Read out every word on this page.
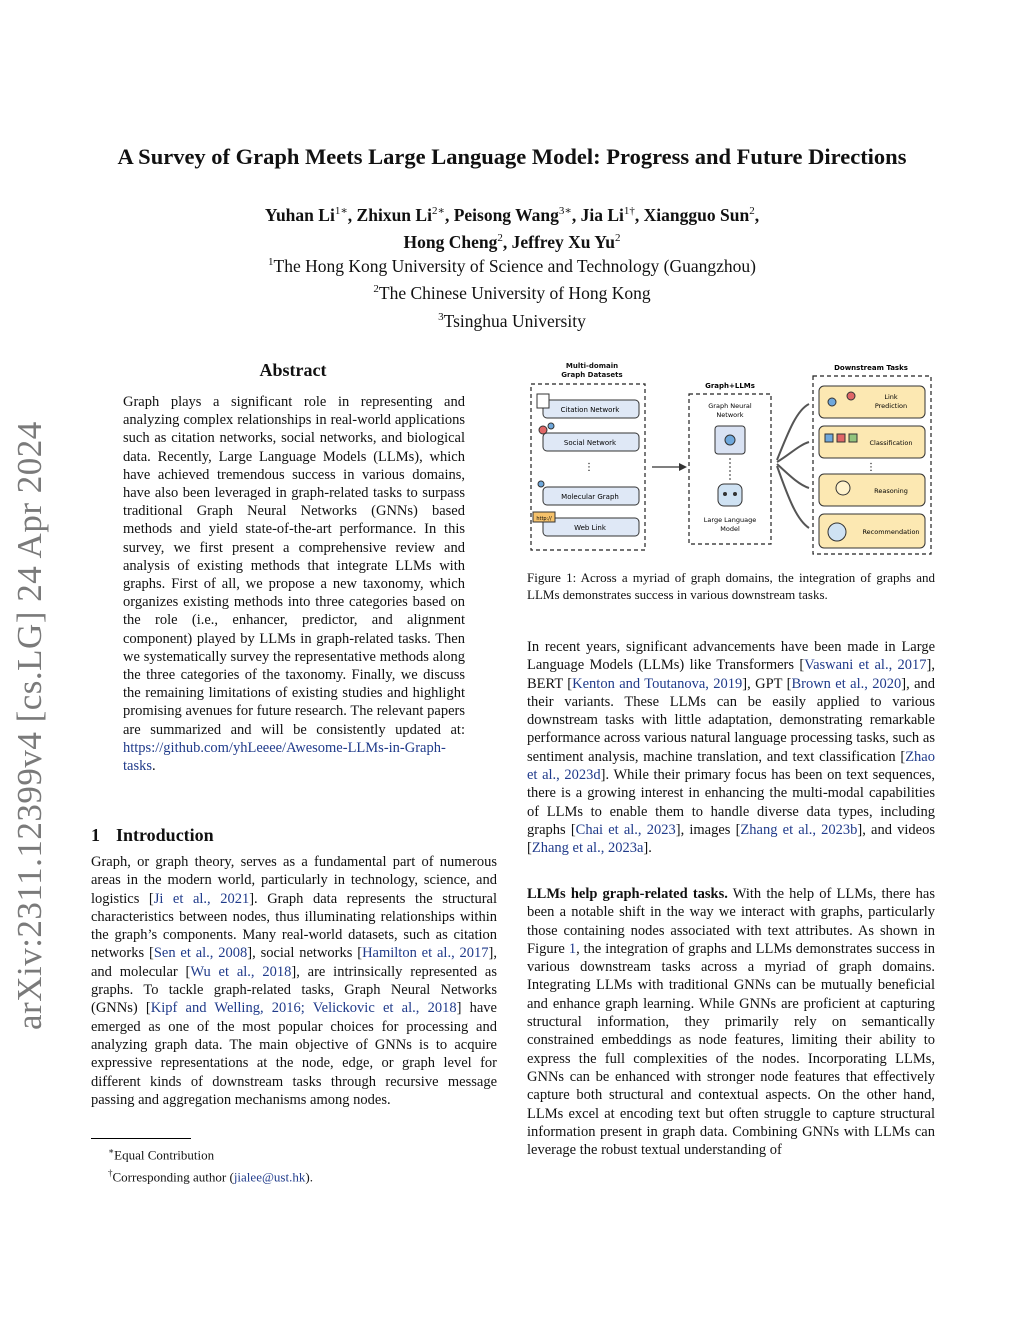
arXiv:2311.12399v4 [cs.LG] 24 Apr 2024
A Survey of Graph Meets Large Language Model: Progress and Future Directions
Yuhan $Li^{1∗}$, Zhixun $Li^{2∗}$, Peisong Wang$^{3∗}$, Jia $Li^{1\dagger}$, Xiangguo Sun$^2$,
Hong Cheng$^2$, Jeffrey Xu Yu$^2$
$^1$The Hong Kong University of Science and Technology (Guangzhou)
$^2$The Chinese University of Hong Kong
$^3$Tsinghua University
Abstract
Graph plays a significant role in representing and analyzing complex relationships in real-world applications such as citation networks, social networks, and biological data. Recently, Large Language Models (LLMs), which have achieved tremendous success in various domains, have also been leveraged in graph-related tasks to surpass traditional Graph Neural Networks (GNNs) based methods and yield state-of-the-art performance. In this survey, we first present a comprehensive review and analysis of existing methods that integrate LLMs with graphs. First of all, we propose a new taxonomy, which organizes existing methods into three categories based on the role (i.e., enhancer, predictor, and alignment component) played by LLMs in graph-related tasks. Then we systematically survey the representative methods along the three categories of the taxonomy. Finally, we discuss the remaining limitations of existing studies and highlight promising avenues for future research. The relevant papers are summarized and will be consistently updated at: https://github.com/yhLeeee/Awesome-LLMs-in-Graph-tasks.
1 Introduction
Graph, or graph theory, serves as a fundamental part of numerous areas in the modern world, particularly in technology, science, and logistics [Ji et al., 2021]. Graph data represents the structural characteristics between nodes, thus illuminating relationships within the graph’s components. Many real-world datasets, such as citation networks [Sen et al., 2008], social networks [Hamilton et al., 2017], and molecular [Wu et al., 2018], are intrinsically represented as graphs. To tackle graph-related tasks, Graph Neural Networks (GNNs) [Kipf and Welling, 2016; Velickovic et al., 2018] have emerged as one of the most popular choices for processing and analyzing graph data. The main objective of GNNs is to acquire expressive representations at the node, edge, or graph level for different kinds of downstream tasks through recursive message passing and aggregation mechanisms among nodes.
∗Equal Contribution
†Corresponding author (jialee@ust.hk).
Multi-domain
Graph Datasets
Citation Network
Social Network
⋮
Molecular Graph
Web Link
http://
Graph+LLMs
Graph Neural
Network
Large Language
Model
Downstream Tasks
Link
Prediction
Classification
⋮
Reasoning
Recommendation
Figure 1: Across a myriad of graph domains, the integration of graphs and LLMs demonstrates success in various downstream tasks.
In recent years, significant advancements have been made in Large Language Models (LLMs) like Transformers [Vaswani et al., 2017], BERT [Kenton and Toutanova, 2019], GPT [Brown et al., 2020], and their variants. These LLMs can be easily applied to various downstream tasks with little adaptation, demonstrating remarkable performance across various natural language processing tasks, such as sentiment analysis, machine translation, and text classification [Zhao et al., 2023d]. While their primary focus has been on text sequences, there is a growing interest in enhancing the multi-modal capabilities of LLMs to enable them to handle diverse data types, including graphs [Chai et al., 2023], images [Zhang et al., 2023b], and videos [Zhang et al., 2023a].
LLMs help graph-related tasks. With the help of LLMs, there has been a notable shift in the way we interact with graphs, particularly those containing nodes associated with text attributes. As shown in Figure 1, the integration of graphs and LLMs demonstrates success in various downstream tasks across a myriad of graph domains. Integrating LLMs with traditional GNNs can be mutually beneficial and enhance graph learning. While GNNs are proficient at capturing structural information, they primarily rely on semantically constrained embeddings as node features, limiting their ability to express the full complexities of the nodes. Incorporating LLMs, GNNs can be enhanced with stronger node features that effectively capture both structural and contextual aspects. On the other hand, LLMs excel at encoding text but often struggle to capture structural information present in graph data. Combining GNNs with LLMs can leverage the robust textual understanding of
